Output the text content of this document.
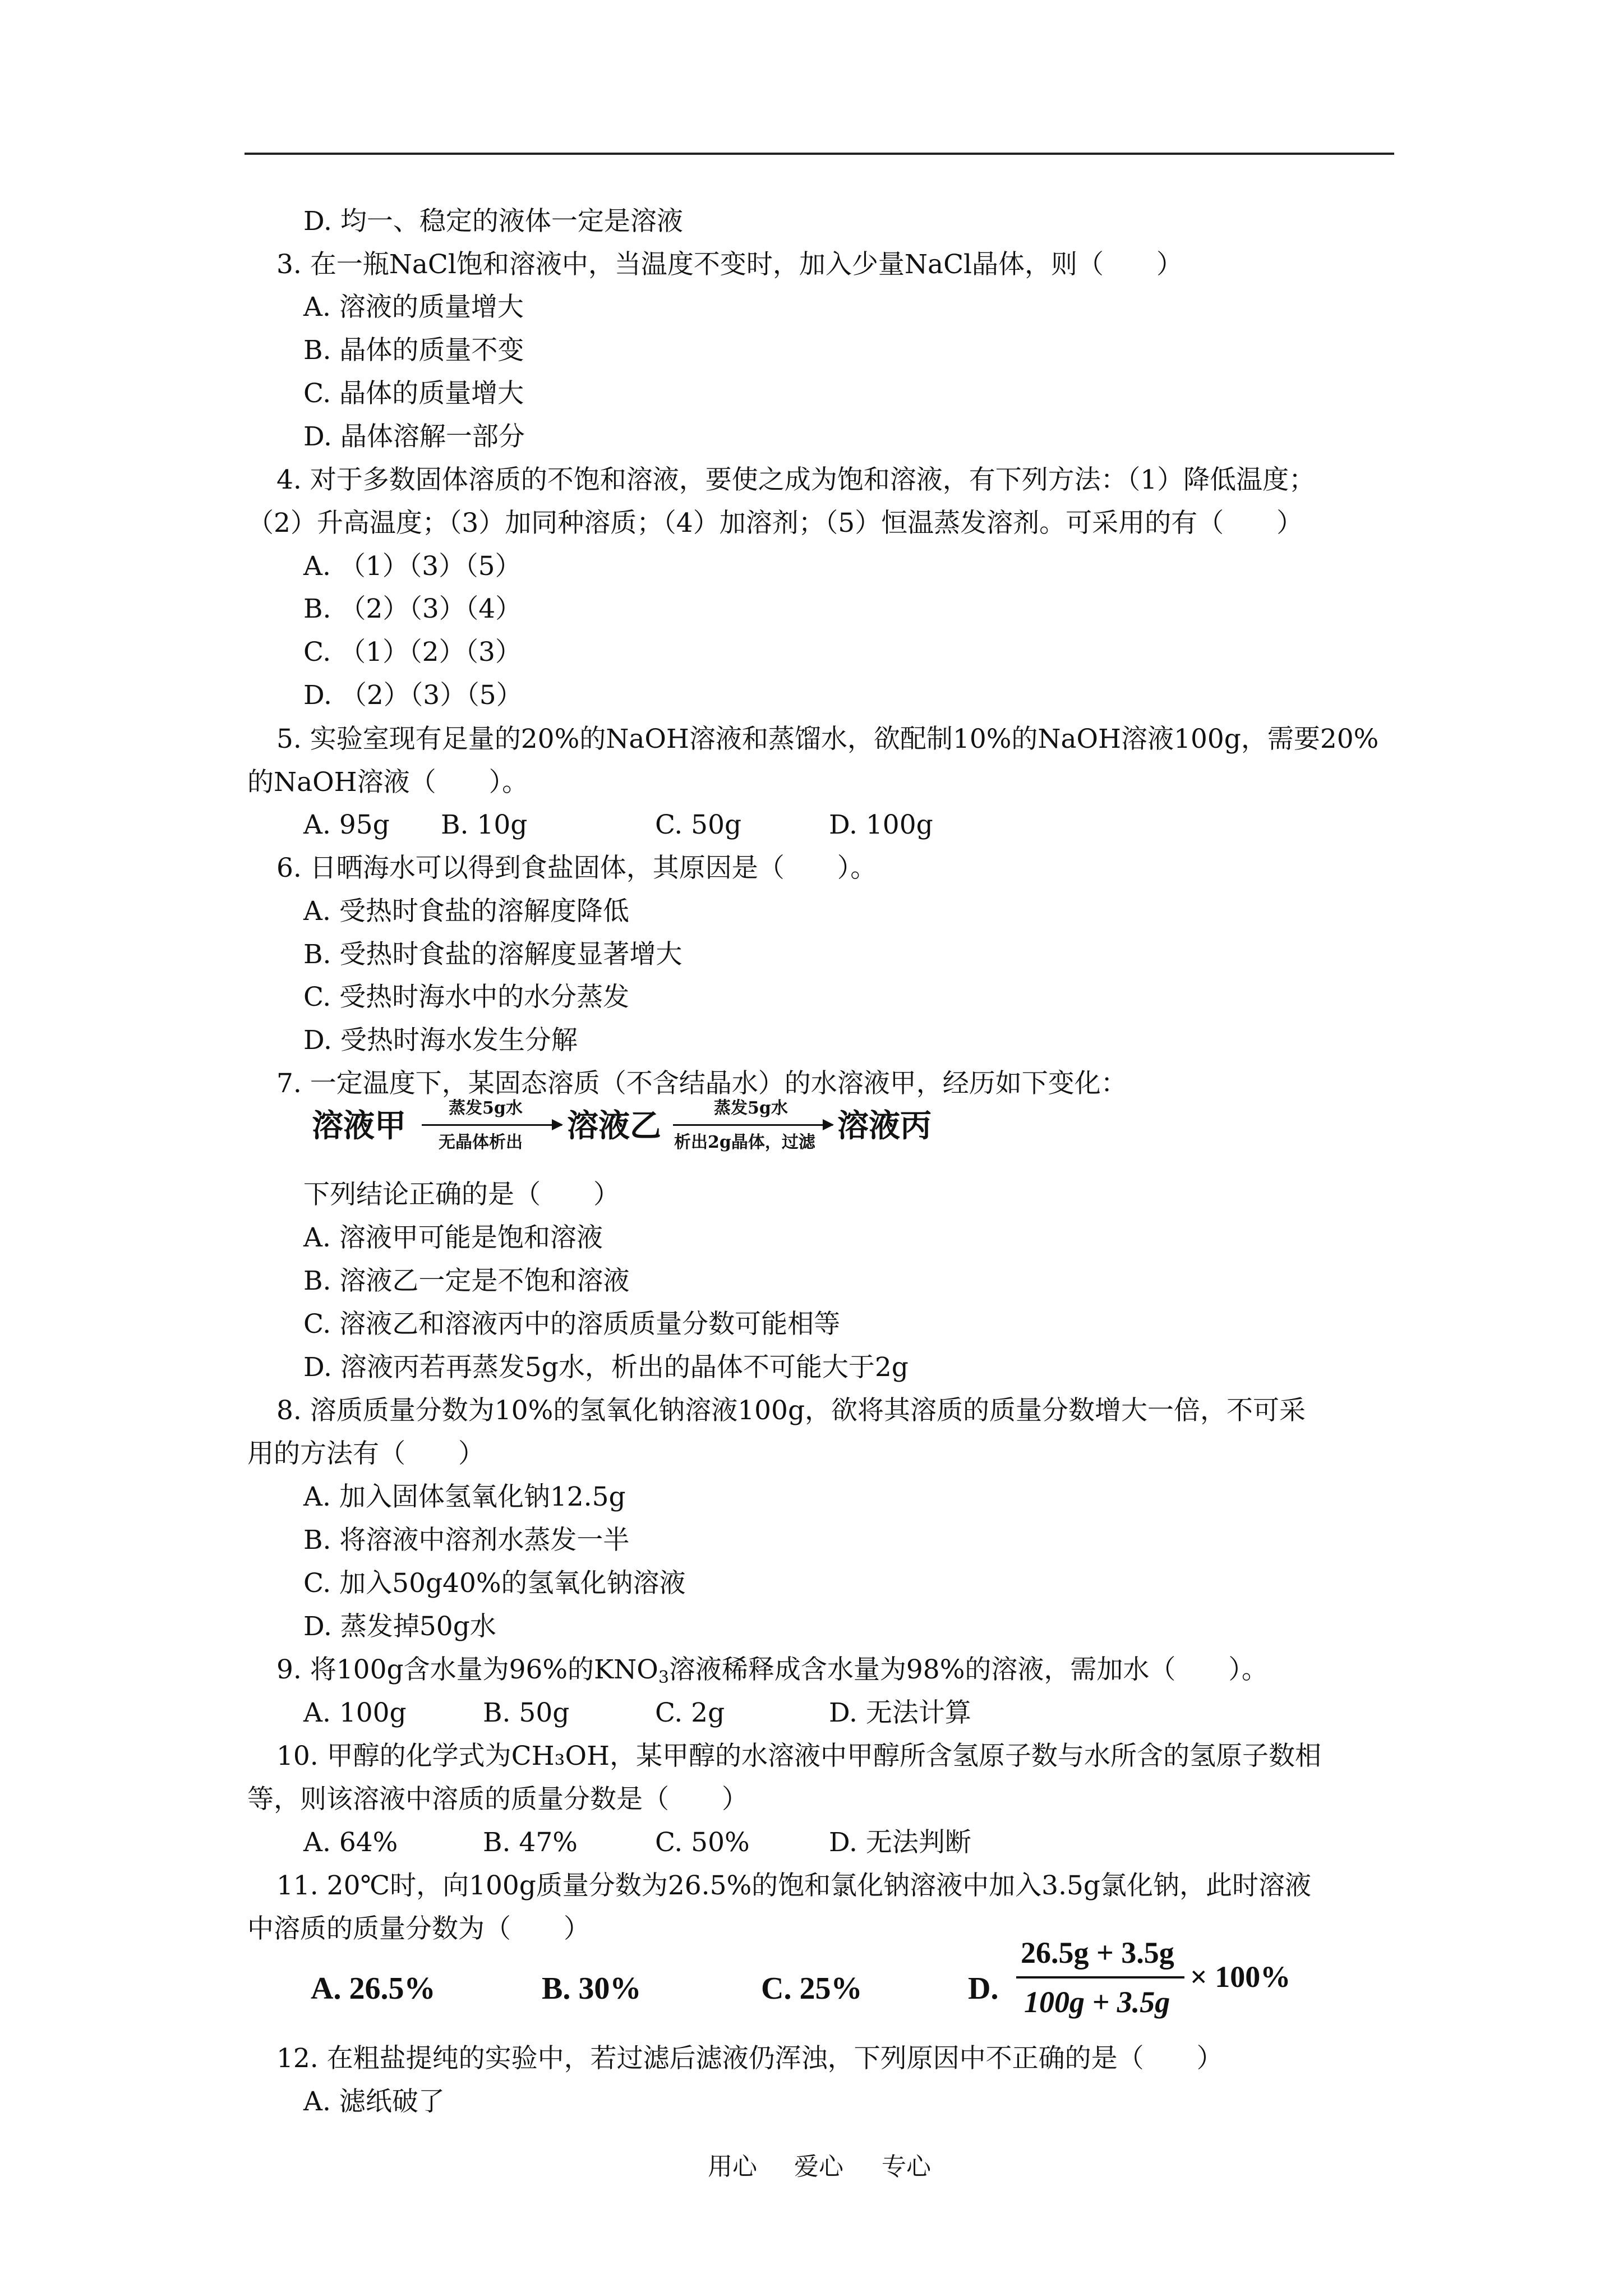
D. 均一、稳定的液体一定是溶液
3. 在一瓶NaCl饱和溶液中，当温度不变时，加入少量NaCl晶体，则（　　）
A. 溶液的质量增大
B. 晶体的质量不变
C. 晶体的质量增大
D. 晶体溶解一部分
4. 对于多数固体溶质的不饱和溶液，要使之成为饱和溶液，有下列方法：（1）降低温度；
（2）升高温度；（3）加同种溶质；（4）加溶剂；（5）恒温蒸发溶剂。可采用的有（　　）
A. （1）（3）（5）
B. （2）（3）（4）
C. （1）（2）（3）
D. （2）（3）（5）
5. 实验室现有足量的20%的NaOH溶液和蒸馏水，欲配制10%的NaOH溶液100g，需要20%
的NaOH溶液（　　）。
6. 日晒海水可以得到食盐固体，其原因是（　　）。
A. 受热时食盐的溶解度降低
B. 受热时食盐的溶解度显著增大
C. 受热时海水中的水分蒸发
D. 受热时海水发生分解
7. 一定温度下，某固态溶质（不含结晶水）的水溶液甲，经历如下变化：
下列结论正确的是（　　）
A. 溶液甲可能是饱和溶液
B. 溶液乙一定是不饱和溶液
C. 溶液乙和溶液丙中的溶质质量分数可能相等
D. 溶液丙若再蒸发5g水，析出的晶体不可能大于2g
8. 溶质质量分数为10%的氢氧化钠溶液100g，欲将其溶质的质量分数增大一倍，不可采
用的方法有（　　）
A. 加入固体氢氧化钠12.5g
B. 将溶液中溶剂水蒸发一半
C. 加入50g40%的氢氧化钠溶液
D. 蒸发掉50g水
10. 甲醇的化学式为CH₃OH，某甲醇的水溶液中甲醇所含氢原子数与水所含的氢原子数相
等，则该溶液中溶质的质量分数是（　　）
11. 20℃时，向100g质量分数为26.5%的饱和氯化钠溶液中加入3.5g氯化钠，此时溶液
中溶质的质量分数为（　　）
12. 在粗盐提纯的实验中，若过滤后滤液仍浑浊，下列原因中不正确的是（　　）
A. 滤纸破了
A. 95g B. 10g	C. 50g	D. 100g
溶液甲	蒸发5g水
无晶体析出 溶液乙	蒸发5g水
析出2g晶体，过滤 溶液丙
9. 将100g含水量为96%的$KNO_3$溶液稀释成含水量为98%的溶液，需加水（　　）。
A. 100g	B. 50g	C. 2g	D. 无法计算
A. 64%	B. 47%	C. 50%	D. 无法判断
A. 26.5%	B. 30%	C. 25%	D.
26.5g + 3.5g
100g + 3.5g
× 100%
用心 爱心 专心
